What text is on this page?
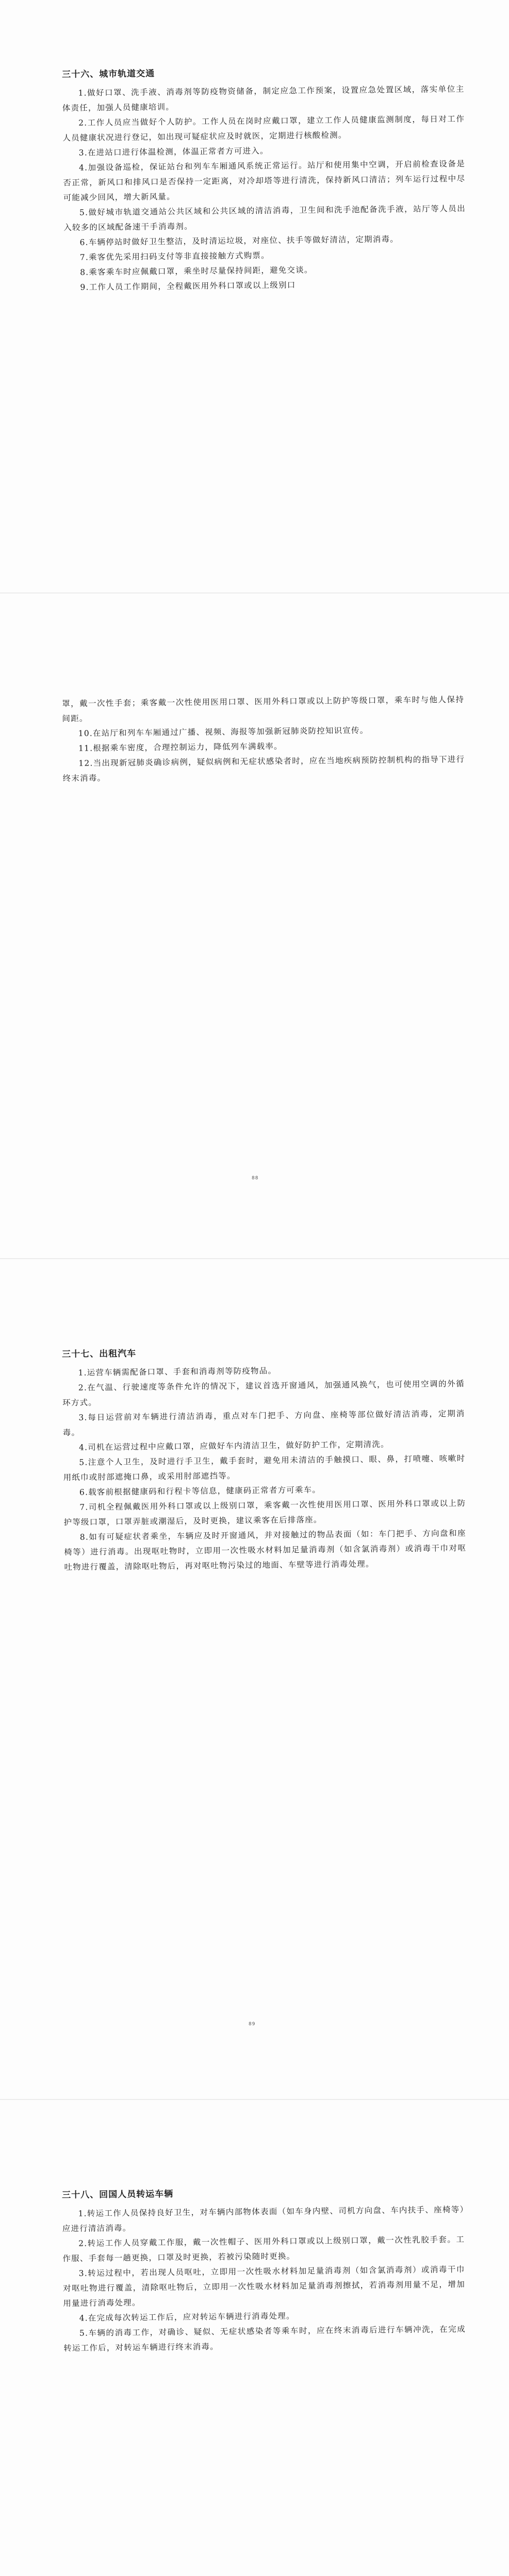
三十六、城市轨道交通

1.做好口罩、洗手液、消毒剂等防疫物资储备，制定应急工作预案，设置应急处置区域，落实单位主体责任，加强人员健康培训。

2.工作人员应当做好个人防护。工作人员在岗时应戴口罩，建立工作人员健康监测制度，每日对工作人员健康状况进行登记，如出现可疑症状应及时就医，定期进行核酸检测。

3.在进站口进行体温检测，体温正常者方可进入。

4.加强设备巡检，保证站台和列车车厢通风系统正常运行。站厅和使用集中空调，开启前检查设备是否正常，新风口和排风口是否保持一定距离，对冷却塔等进行清洗，保持新风口清洁；列车运行过程中尽可能减少回风，增大新风量。

5.做好城市轨道交通站公共区域和公共区域的清洁消毒，卫生间和洗手池配备洗手液，站厅等人员出入较多的区域配备速干手消毒剂。

6.车辆停站时做好卫生整洁，及时清运垃圾，对座位、扶手等做好清洁，定期消毒。

7.乘客优先采用扫码支付等非直接接触方式购票。

8.乘客乘车时应佩戴口罩，乘坐时尽量保持间距，避免交谈。

9.工作人员工作期间，全程戴医用外科口罩或以上级别口

罩，戴一次性手套；乘客戴一次性使用医用口罩、医用外科口罩或以上防护等级口罩，乘车时与他人保持间距。

10.在站厅和列车车厢通过广播、视频、海报等加强新冠肺炎防控知识宣传。

11.根据乘车密度，合理控制运力，降低列车满载率。

12.当出现新冠肺炎确诊病例，疑似病例和无症状感染者时，应在当地疾病预防控制机构的指导下进行终末消毒。

88

三十七、出租汽车

1.运营车辆需配备口罩、手套和消毒剂等防疫物品。

2.在气温、行驶速度等条件允许的情况下，建议首选开窗通风，加强通风换气，也可使用空调的外循环方式。

3.每日运营前对车辆进行清洁消毒，重点对车门把手、方向盘、座椅等部位做好清洁消毒，定期消毒。

4.司机在运营过程中应戴口罩，应做好车内清洁卫生，做好防护工作，定期清洗。

5.注意个人卫生，及时进行手卫生，戴手套时，避免用未清洁的手触摸口、眼、鼻，打喷嚏、咳嗽时用纸巾或肘部遮掩口鼻，或采用肘部遮挡等。

6.载客前根据健康码和行程卡等信息，健康码正常者方可乘车。

7.司机全程佩戴医用外科口罩或以上级别口罩，乘客戴一次性使用医用口罩、医用外科口罩或以上防护等级口罩，口罩弄脏或潮湿后，及时更换，建议乘客在后排落座。

8.如有可疑症状者乘坐，车辆应及时开窗通风，并对接触过的物品表面（如：车门把手、方向盘和座椅等）进行消毒。出现呕吐物时，立即用一次性吸水材料加足量消毒剂（如含氯消毒剂）或消毒干巾对呕吐物进行覆盖，清除呕吐物后，再对呕吐物污染过的地面、车壁等进行消毒处理。

89

三十八、回国人员转运车辆

1.转运工作人员保持良好卫生，对车辆内部物体表面（如车身内壁、司机方向盘、车内扶手、座椅等）应进行清洁消毒。

2.转运工作人员穿戴工作服，戴一次性帽子、医用外科口罩或以上级别口罩，戴一次性乳胶手套。工作服、手套每一趟更换，口罩及时更换，若被污染随时更换。

3.转运过程中，若出现人员呕吐，立即用一次性吸水材料加足量消毒剂（如含氯消毒剂）或消毒干巾对呕吐物进行覆盖，清除呕吐物后，立即用一次性吸水材料加足量消毒剂擦拭，若消毒剂用量不足，增加用量进行消毒处理。

4.在完成每次转运工作后，应对转运车辆进行消毒处理。

5.车辆的消毒工作，对确诊、疑似、无症状感染者等乘车时，应在终末消毒后进行车辆冲洗，在完成转运工作后，对转运车辆进行终末消毒。
